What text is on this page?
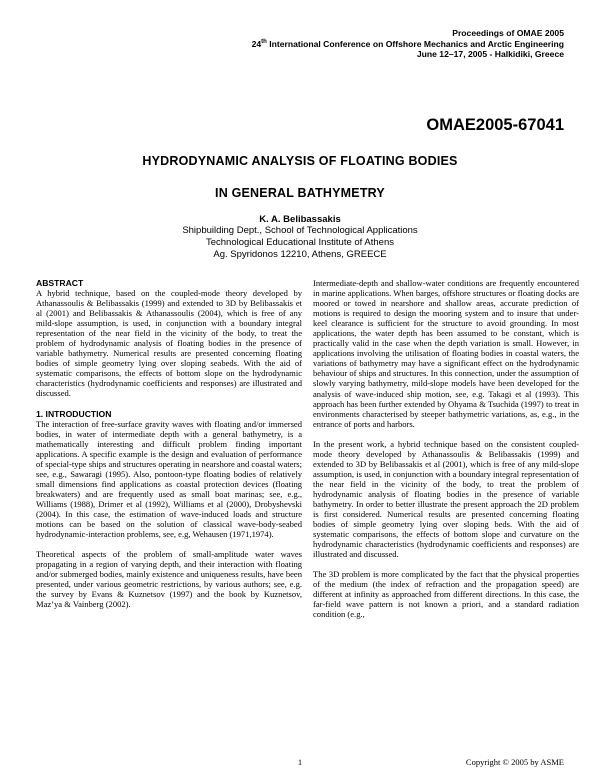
Proceedings of OMAE 2005
24th International Conference on Offshore Mechanics and Arctic Engineering
June 12–17, 2005 - Halkidiki, Greece
OMAE2005-67041
HYDRODYNAMIC ANALYSIS OF FLOATING BODIES
IN GENERAL BATHYMETRY
K. A. Belibassakis
Shipbuilding Dept., School of Technological Applications
Technological Educational Institute of Athens
Ag. Spyridonos 12210, Athens, GREECE
ABSTRACT

A hybrid technique, based on the coupled-mode theory developed by Athanassoulis & Belibassakis (1999) and extended to 3D by Belibassakis et al (2001) and Belibassakis & Athanassoulis (2004), which is free of any mild-slope assumption, is used, in conjunction with a boundary integral representation of the near field in the vicinity of the body, to treat the problem of hydrodynamic analysis of floating bodies in the presence of variable bathymetry. Numerical results are presented concerning floating bodies of simple geometry lying over sloping seabeds. With the aid of systematic comparisons, the effects of bottom slope on the hydrodynamic characteristics (hydrodynamic coefficients and responses) are illustrated and discussed.

1. INTRODUCTION

The interaction of free-surface gravity waves with floating and/or immersed bodies, in water of intermediate depth with a general bathymetry, is a mathematically interesting and difficult problem finding important applications. A specific example is the design and evaluation of performance of special-type ships and structures operating in nearshore and coastal waters; see, e.g., Sawaragi (1995). Also, pontoon-type floating bodies of relatively small dimensions find applications as coastal protection devices (floating breakwaters) and are frequently used as small boat marinas; see, e.g., Williams (1988), Drimer et al (1992), Williams et al (2000), Drobyshevski (2004). In this case, the estimation of wave-induced loads and structure motions can be based on the solution of classical wave-body-seabed hydrodynamic-interaction problems, see, e.g, Wehausen (1971,1974).

Theoretical aspects of the problem of small-amplitude water waves propagating in a region of varying depth, and their interaction with floating and/or submerged bodies, mainly existence and uniqueness results, have been presented, under various geometric restrictions, by various authors; see, e.g. the survey by Evans & Kuznetsov (1997) and the book by Kuznetsov, Maz’ya & Vainberg (2002).

Intermediate-depth and shallow-water conditions are frequently encountered in marine applications. When barges, offshore structures or floating docks are moored or towed in nearshore and shallow areas, accurate prediction of motions is required to design the mooring system and to insure that under-keel clearance is sufficient for the structure to avoid grounding. In most applications, the water depth has been assumed to be constant, which is practically valid in the case when the depth variation is small. However, in applications involving the utilisation of floating bodies in coastal waters, the variations of bathymetry may have a significant effect on the hydrodynamic behaviour of ships and structures. In this connection, under the assumption of slowly varying bathymetry, mild-slope models have been developed for the analysis of wave-induced ship motion, see, e.g. Takagi et al (1993). This approach has been further extended by Ohyama & Tsuchida (1997) to treat in environments characterised by steeper bathymetric variations, as, e.g., in the entrance of ports and harbors.

In the present work, a hybrid technique based on the consistent coupled-mode theory developed by Athanassoulis & Belibassakis (1999) and extended to 3D by Belibassakis et al (2001), which is free of any mild-slope assumption, is used, in conjunction with a boundary integral representation of the near field in the vicinity of the body, to treat the problem of hydrodynamic analysis of floating bodies in the presence of variable bathymetry. In order to better illustrate the present approach the 2D problem is first considered. Numerical results are presented concerning floating bodies of simple geometry lying over sloping beds. With the aid of systematic comparisons, the effects of bottom slope and curvature on the hydrodynamic characteristics (hydrodynamic coefficients and responses) are illustrated and discussed.

The 3D problem is more complicated by the fact that the physical properties of the medium (the index of refraction and the propagation speed) are different at infinity as approached from different directions. In this case, the far-field wave pattern is not known a priori, and a standard radiation condition (e.g.,

1	Copyright © 2005 by ASME
